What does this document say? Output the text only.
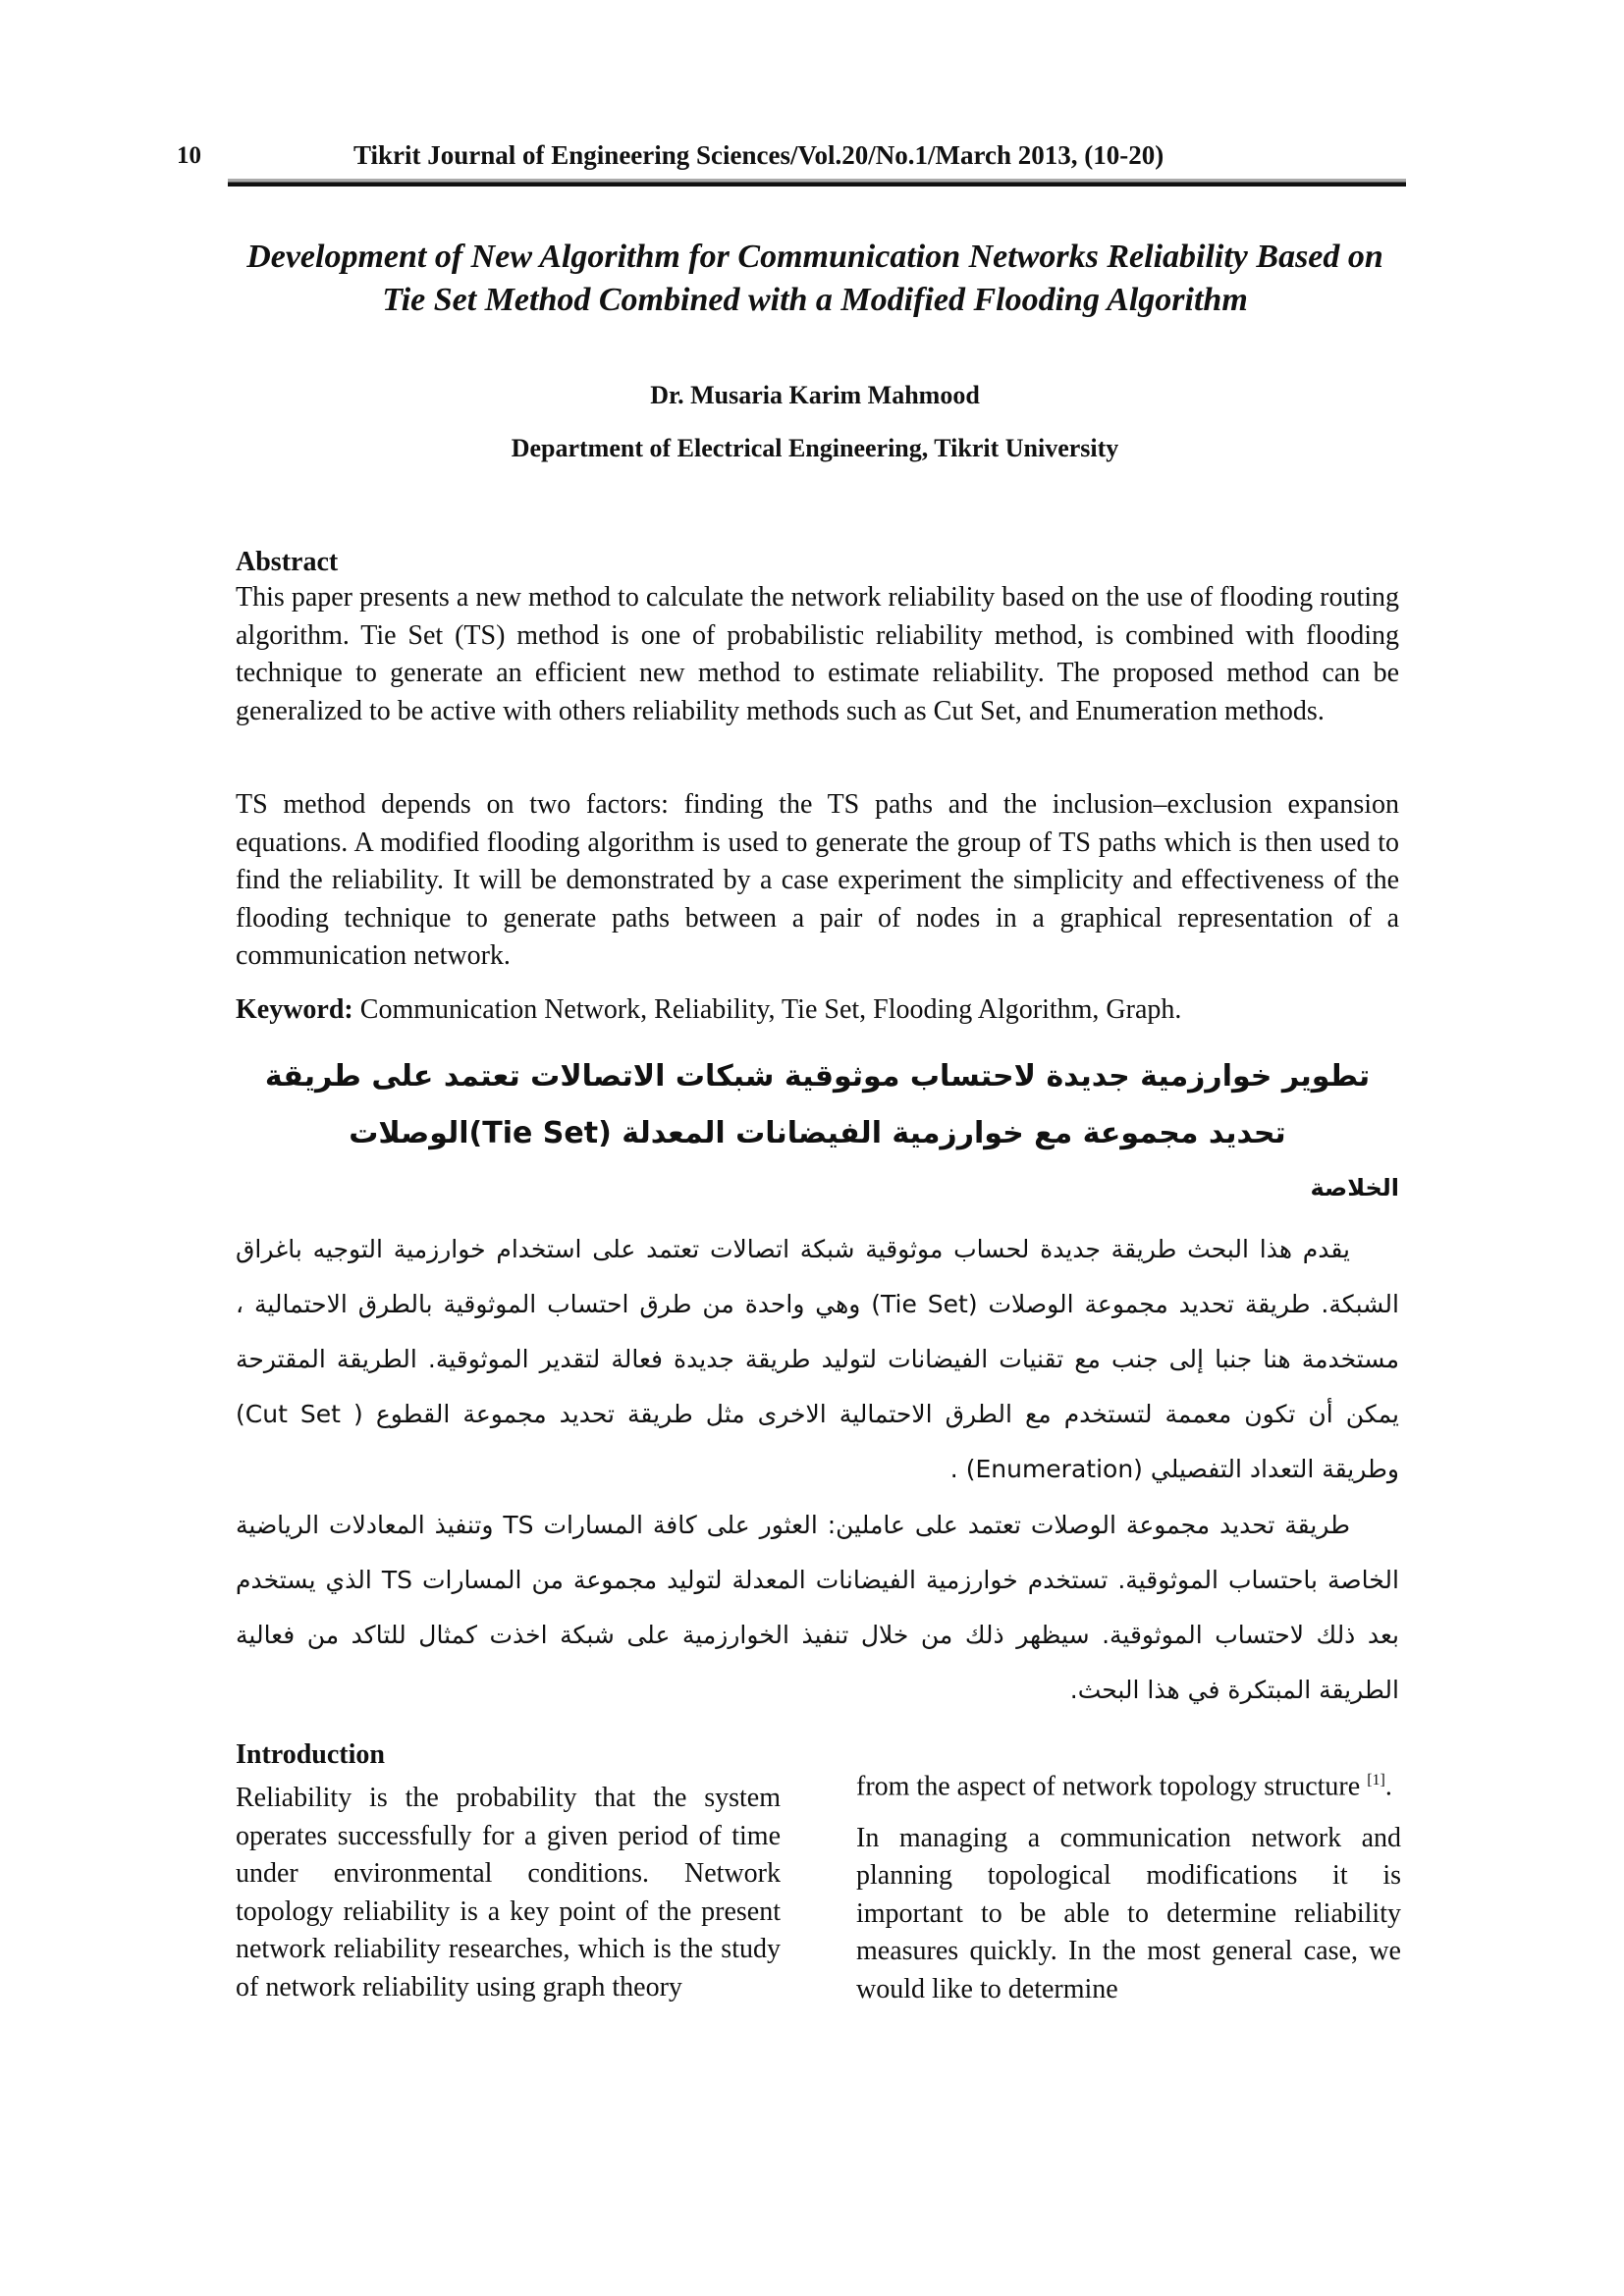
10	Tikrit Journal of Engineering Sciences/Vol.20/No.1/March 2013, (10-20)
Development of New Algorithm for Communication Networks Reliability Based on Tie Set Method Combined with a Modified Flooding Algorithm
Dr. Musaria Karim Mahmood
Department of Electrical Engineering, Tikrit University
Abstract

This paper presents a new method to calculate the network reliability based on the use of flooding routing algorithm. Tie Set (TS) method is one of probabilistic reliability method, is combined with flooding technique to generate an efficient new method to estimate reliability. The proposed method can be generalized to be active with others reliability methods such as Cut Set, and Enumeration methods.

TS method depends on two factors: finding the TS paths and the inclusion–exclusion expansion equations. A modified flooding algorithm is used to generate the group of TS paths which is then used to find the reliability. It will be demonstrated by a case experiment the simplicity and effectiveness of the flooding technique to generate paths between a pair of nodes in a graphical representation of a communication network.

Keyword: Communication Network, Reliability, Tie Set, Flooding Algorithm, Graph.

تطوير خوارزمية جديدة لاحتساب موثوقية شبكات الاتصالات تعتمد على طريقة تحديد مجموعة مع خوارزمية الفيضانات المعدلة (Tie Set)الوصلات
الخلاصة

يقدم هذا البحث طريقة جديدة لحساب موثوقية شبكة اتصالات تعتمد على استخدام خوارزمية التوجيه باغراق الشبكة. طريقة تحديد مجموعة الوصلات (Tie Set) وهي واحدة من طرق احتساب الموثوقية بالطرق الاحتمالية ، مستخدمة هنا جنبا إلى جنب مع تقنيات الفيضانات لتوليد طريقة جديدة فعالة لتقدير الموثوقية. الطريقة المقترحة يمكن أن تكون معممة لتستخدم مع الطرق الاحتمالية الاخرى مثل طريقة تحديد مجموعة القطوع ( Cut Set) وطريقة التعداد التفصيلي (Enumeration) .

طريقة تحديد مجموعة الوصلات تعتمد على عاملين: العثور على كافة المسارات TS وتنفيذ المعادلات الرياضية الخاصة باحتساب الموثوقية. تستخدم خوارزمية الفيضانات المعدلة لتوليد مجموعة من المسارات TS الذي يستخدم بعد ذلك لاحتساب الموثوقية. سيظهر ذلك من خلال تنفيذ الخوارزمية على شبكة اخذت كمثال للتاكد من فعالية الطريقة المبتكرة في هذا البحث.

Introduction

Reliability is the probability that the system operates successfully for a given period of time under environmental conditions. Network topology reliability is a key point of the present network reliability researches, which is the study of network reliability using graph theory

from the aspect of network topology structure [1].

In managing a communication network and planning topological modifications it is important to be able to determine reliability measures quickly. In the most general case, we would like to determine
